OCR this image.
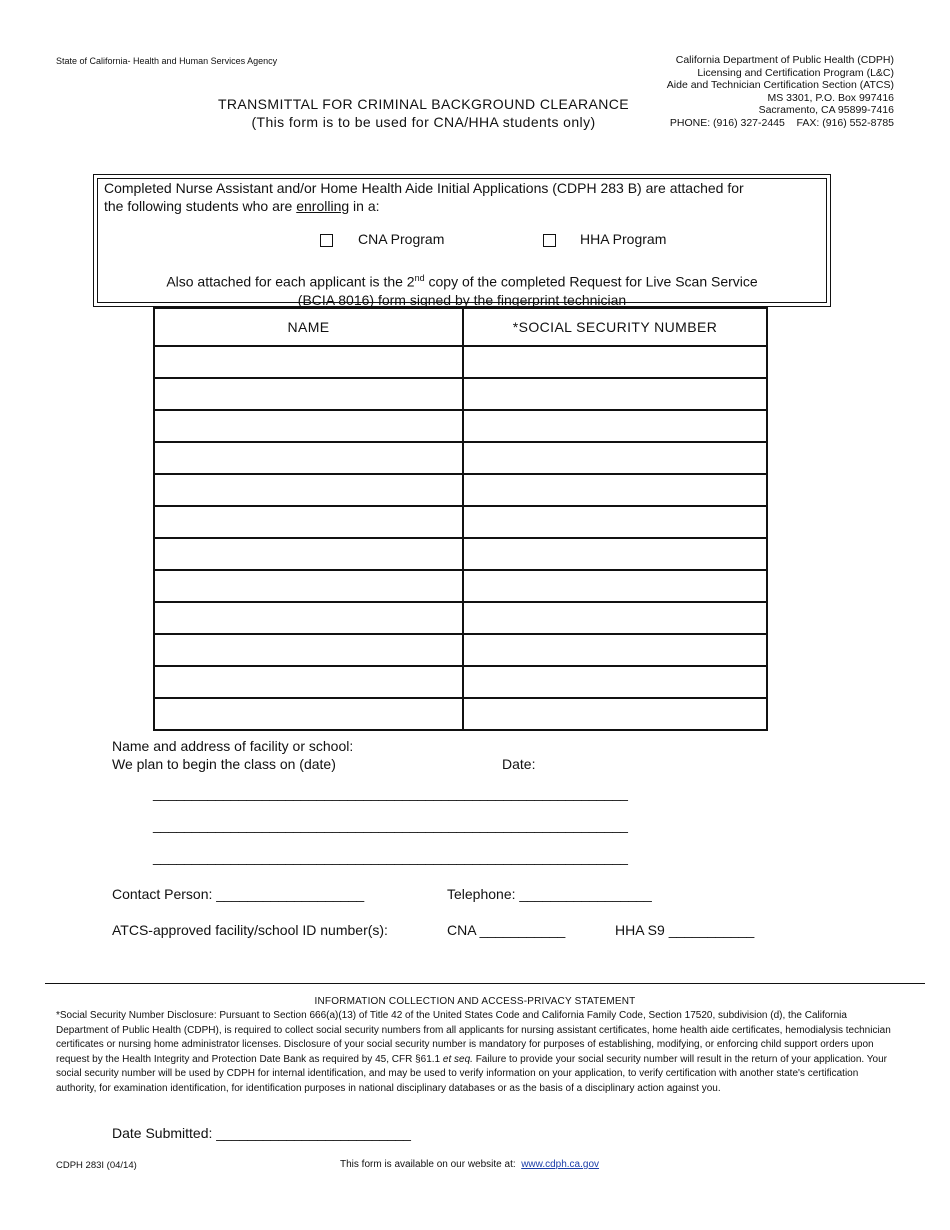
State of California- Health and Human Services Agency	California Department of Public Health (CDPH)
Licensing and Certification Program (L&C)
Aide and Technician Certification Section (ATCS)
MS 3301, P.O. Box 997416
Sacramento, CA 95899-7416
PHONE: (916) 327-2445    FAX: (916) 552-8785
TRANSMITTAL FOR CRIMINAL BACKGROUND CLEARANCE
(This form is to be used for CNA/HHA students only)
Completed Nurse Assistant and/or Home Health Aide Initial Applications (CDPH 283 B) are attached for
the following students who are enrolling in a:
CNA Program	HHA Program
Also attached for each applicant is the 2nd copy of the completed Request for Live Scan Service
(BCIA 8016) form signed by the fingerprint technician
NAME	*SOCIAL SECURITY NUMBER

Name and address of facility or school:
We plan to begin the class on (date)	Date:
_____________________________________________________________
_____________________________________________________________
_____________________________________________________________
Contact Person: ___________________	Telephone: _________________
ATCS-approved facility/school ID number(s):	CNA ___________	HHA S9 ___________
INFORMATION COLLECTION AND ACCESS-PRIVACY STATEMENT
*Social Security Number Disclosure: Pursuant to Section 666(a)(13) of Title 42 of the United States Code and California Family Code, Section 17520, subdivision (d), the California Department of Public Health (CDPH), is required to collect social security numbers from all applicants for nursing assistant certificates, home health aide certificates, hemodialysis technician certificates or nursing home administrator licenses. Disclosure of your social security number is mandatory for purposes of establishing, modifying, or enforcing child support orders upon request by the Health Integrity and Protection Date Bank as required by 45, CFR §61.1 et seq. Failure to provide your social security number will result in the return of your application. Your social security number will be used by CDPH for internal identification, and may be used to verify information on your application, to verify certification with another state's certification authority, for examination identification, for identification purposes in national disciplinary databases or as the basis of a disciplinary action against you.
Date Submitted: _________________________
CDPH 283I (04/14)	This form is available on our website at:  www.cdph.ca.gov
